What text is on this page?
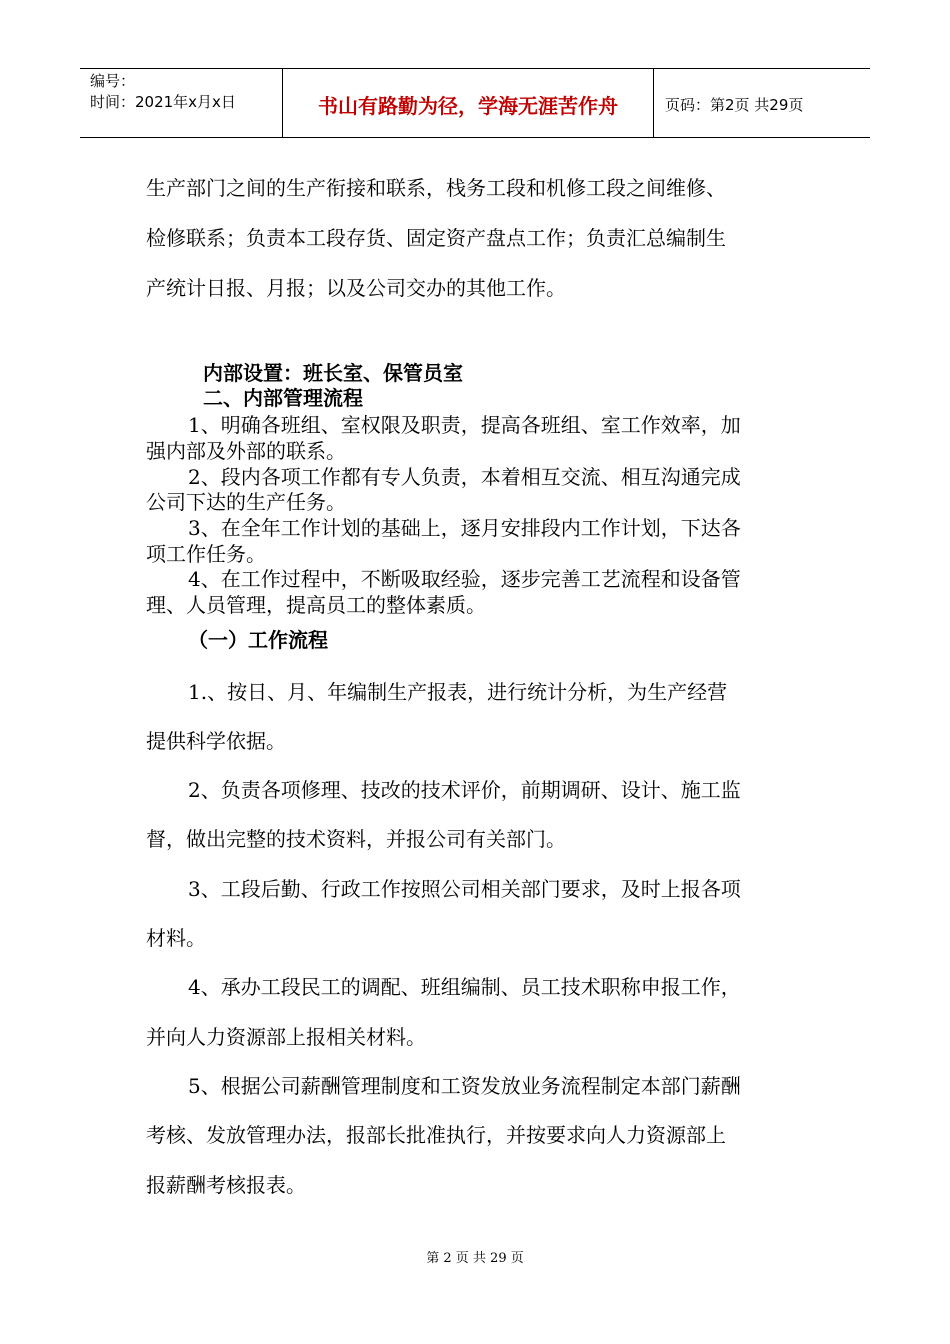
编号：
时间：2021年x月x日	书山有路勤为径，学海无涯苦作舟	页码：第2页 共29页
生产部门之间的生产衔接和联系，栈务工段和机修工段之间维修、
检修联系；负责本工段存货、固定资产盘点工作；负责汇总编制生
产统计日报、月报；以及公司交办的其他工作。
内部设置：班长室、保管员室
二、内部管理流程
1、明确各班组、室权限及职责，提高各班组、室工作效率，加
强内部及外部的联系。
2、段内各项工作都有专人负责，本着相互交流、相互沟通完成
公司下达的生产任务。
3、在全年工作计划的基础上，逐月安排段内工作计划，下达各
项工作任务。
4、在工作过程中，不断吸取经验，逐步完善工艺流程和设备管
理、人员管理，提高员工的整体素质。
（一）工作流程
1.、按日、月、年编制生产报表，进行统计分析，为生产经营
提供科学依据。
2、负责各项修理、技改的技术评价，前期调研、设计、施工监
督，做出完整的技术资料，并报公司有关部门。
3、工段后勤、行政工作按照公司相关部门要求，及时上报各项
材料。
4、承办工段民工的调配、班组编制、员工技术职称申报工作，
并向人力资源部上报相关材料。
5、根据公司薪酬管理制度和工资发放业务流程制定本部门薪酬
考核、发放管理办法，报部长批准执行，并按要求向人力资源部上
报薪酬考核报表。
第 2 页 共 29 页
